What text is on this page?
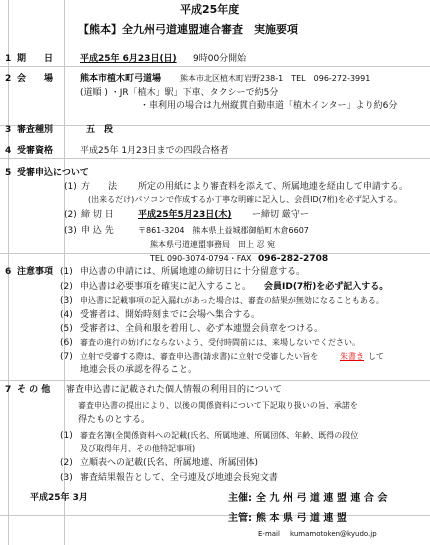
平成25年度
【熊本】全九州弓道連盟連合審査　実施要項
1 期　　日	平成25年 6月23日(日) 9時00分開始
2 会　　場	熊本市植木町弓道場 熊本市北区植木町岩野238-1　TEL　096-272-3991
(道順 ) ・JR「植木」駅」下車、タクシーで約5分
・車利用の場合は九州縦貫自動車道「植木インター」より約6分
3 審査種別	五　段
4 受審資格	平成25年 1月23日までの四段合格者
5 受審申込について
(1) 方　　法 所定の用紙により審査料を添えて、所属地連を経由して申請する。
(出来るだけ)パソコンで作成するか丁寧な明確に記入し、会員ID(7桁)を必ず記入する。
(2) 締 切 日	平成25年5月23日(木) ー締切 厳守ー
(3) 申 込 先	〒861-3204　熊本県上益城郡御船町木倉6607
熊本県弓道連盟事務局　田上 忍 宛
TEL 090-3074-0794・FAX 096-282-2708
6 注意事項 (1) 申込書の申請には、所属地連の締切日に十分留意する。
(2) 申込書は必要事項を確実に記入すること。 会員ID(7桁)を必ず記入する。
(3) 申込書に記載事項の記入漏れがあった場合は、審査の結果が無効になることもある。
(4) 受審者は、開始時刻までに会場へ集合する。
(5) 受審者は、全員和服を着用し、必ず本連盟会員章をつける。
(6) 審査の進行の妨げにならないよう、受付時間前には、来場しないでください。
(7) 立射で受審する際は、審査申込書(請求書)に立射で受審したい旨を	朱書き して
地連会長の承認を得ること。
7 そ の 他 審査申込書に記載された個人情報の利用目的について
審査申込書の提出により、以後の関係資料について下記取り扱いの旨、承諾を
得たものとする。
(1) 審査名簿(全関係資料への記載(氏名、所属地連、所属団体、年齢、既得の段位
及び取得年月、その他特記事項)
(2) 立順表への記載(氏名、所属地連、所属団体)
(3) 審査結果報告として、全弓連及び地連会長宛文書
平成25年 3月	主催: 全 九 州 弓 道 連 盟 連 合 会
主管: 熊 本 県 弓 道 連 盟
E-mail kumamotoken@kyudo.jp
